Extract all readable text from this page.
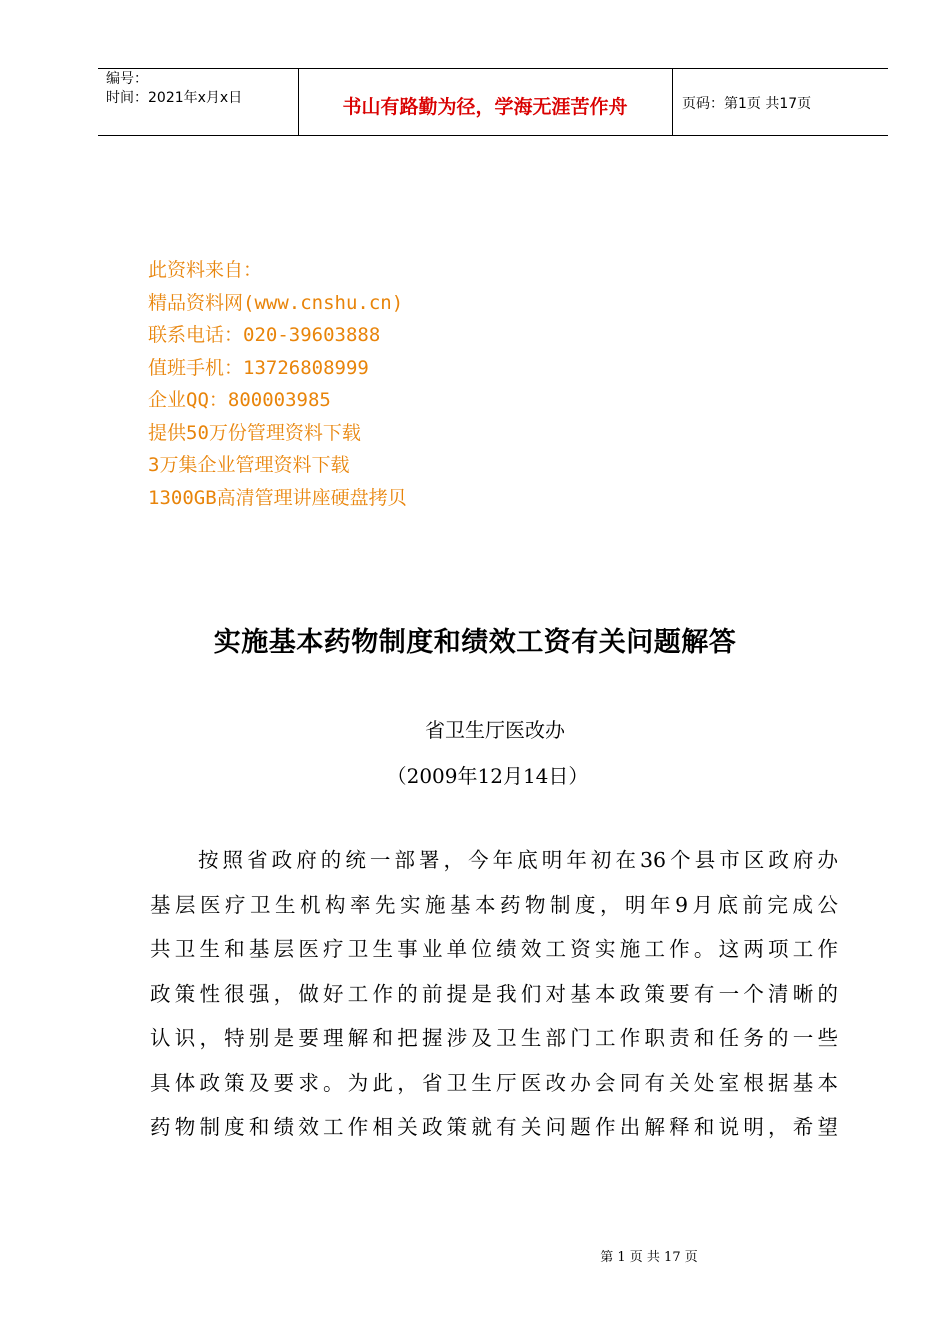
编号：
时间：2021年x月x日	书山有路勤为径，学海无涯苦作舟	页码：第1页 共17页
此资料来自：
精品资料网(www.cnshu.cn)
联系电话：020-39603888
值班手机：13726808999
企业QQ：800003985
提供50万份管理资料下载
3万集企业管理资料下载
1300GB高清管理讲座硬盘拷贝
实施基本药物制度和绩效工资有关问题解答
省卫生厅医改办
（2009年12月14日）
按照省政府的统一部署，今年底明年初在36个县市区政府办
基层医疗卫生机构率先实施基本药物制度，明年9月底前完成公
共卫生和基层医疗卫生事业单位绩效工资实施工作。这两项工作
政策性很强，做好工作的前提是我们对基本政策要有一个清晰的
认识，特别是要理解和把握涉及卫生部门工作职责和任务的一些
具体政策及要求。为此，省卫生厅医改办会同有关处室根据基本
药物制度和绩效工作相关政策就有关问题作出解释和说明，希望
第 1 页 共 17 页
